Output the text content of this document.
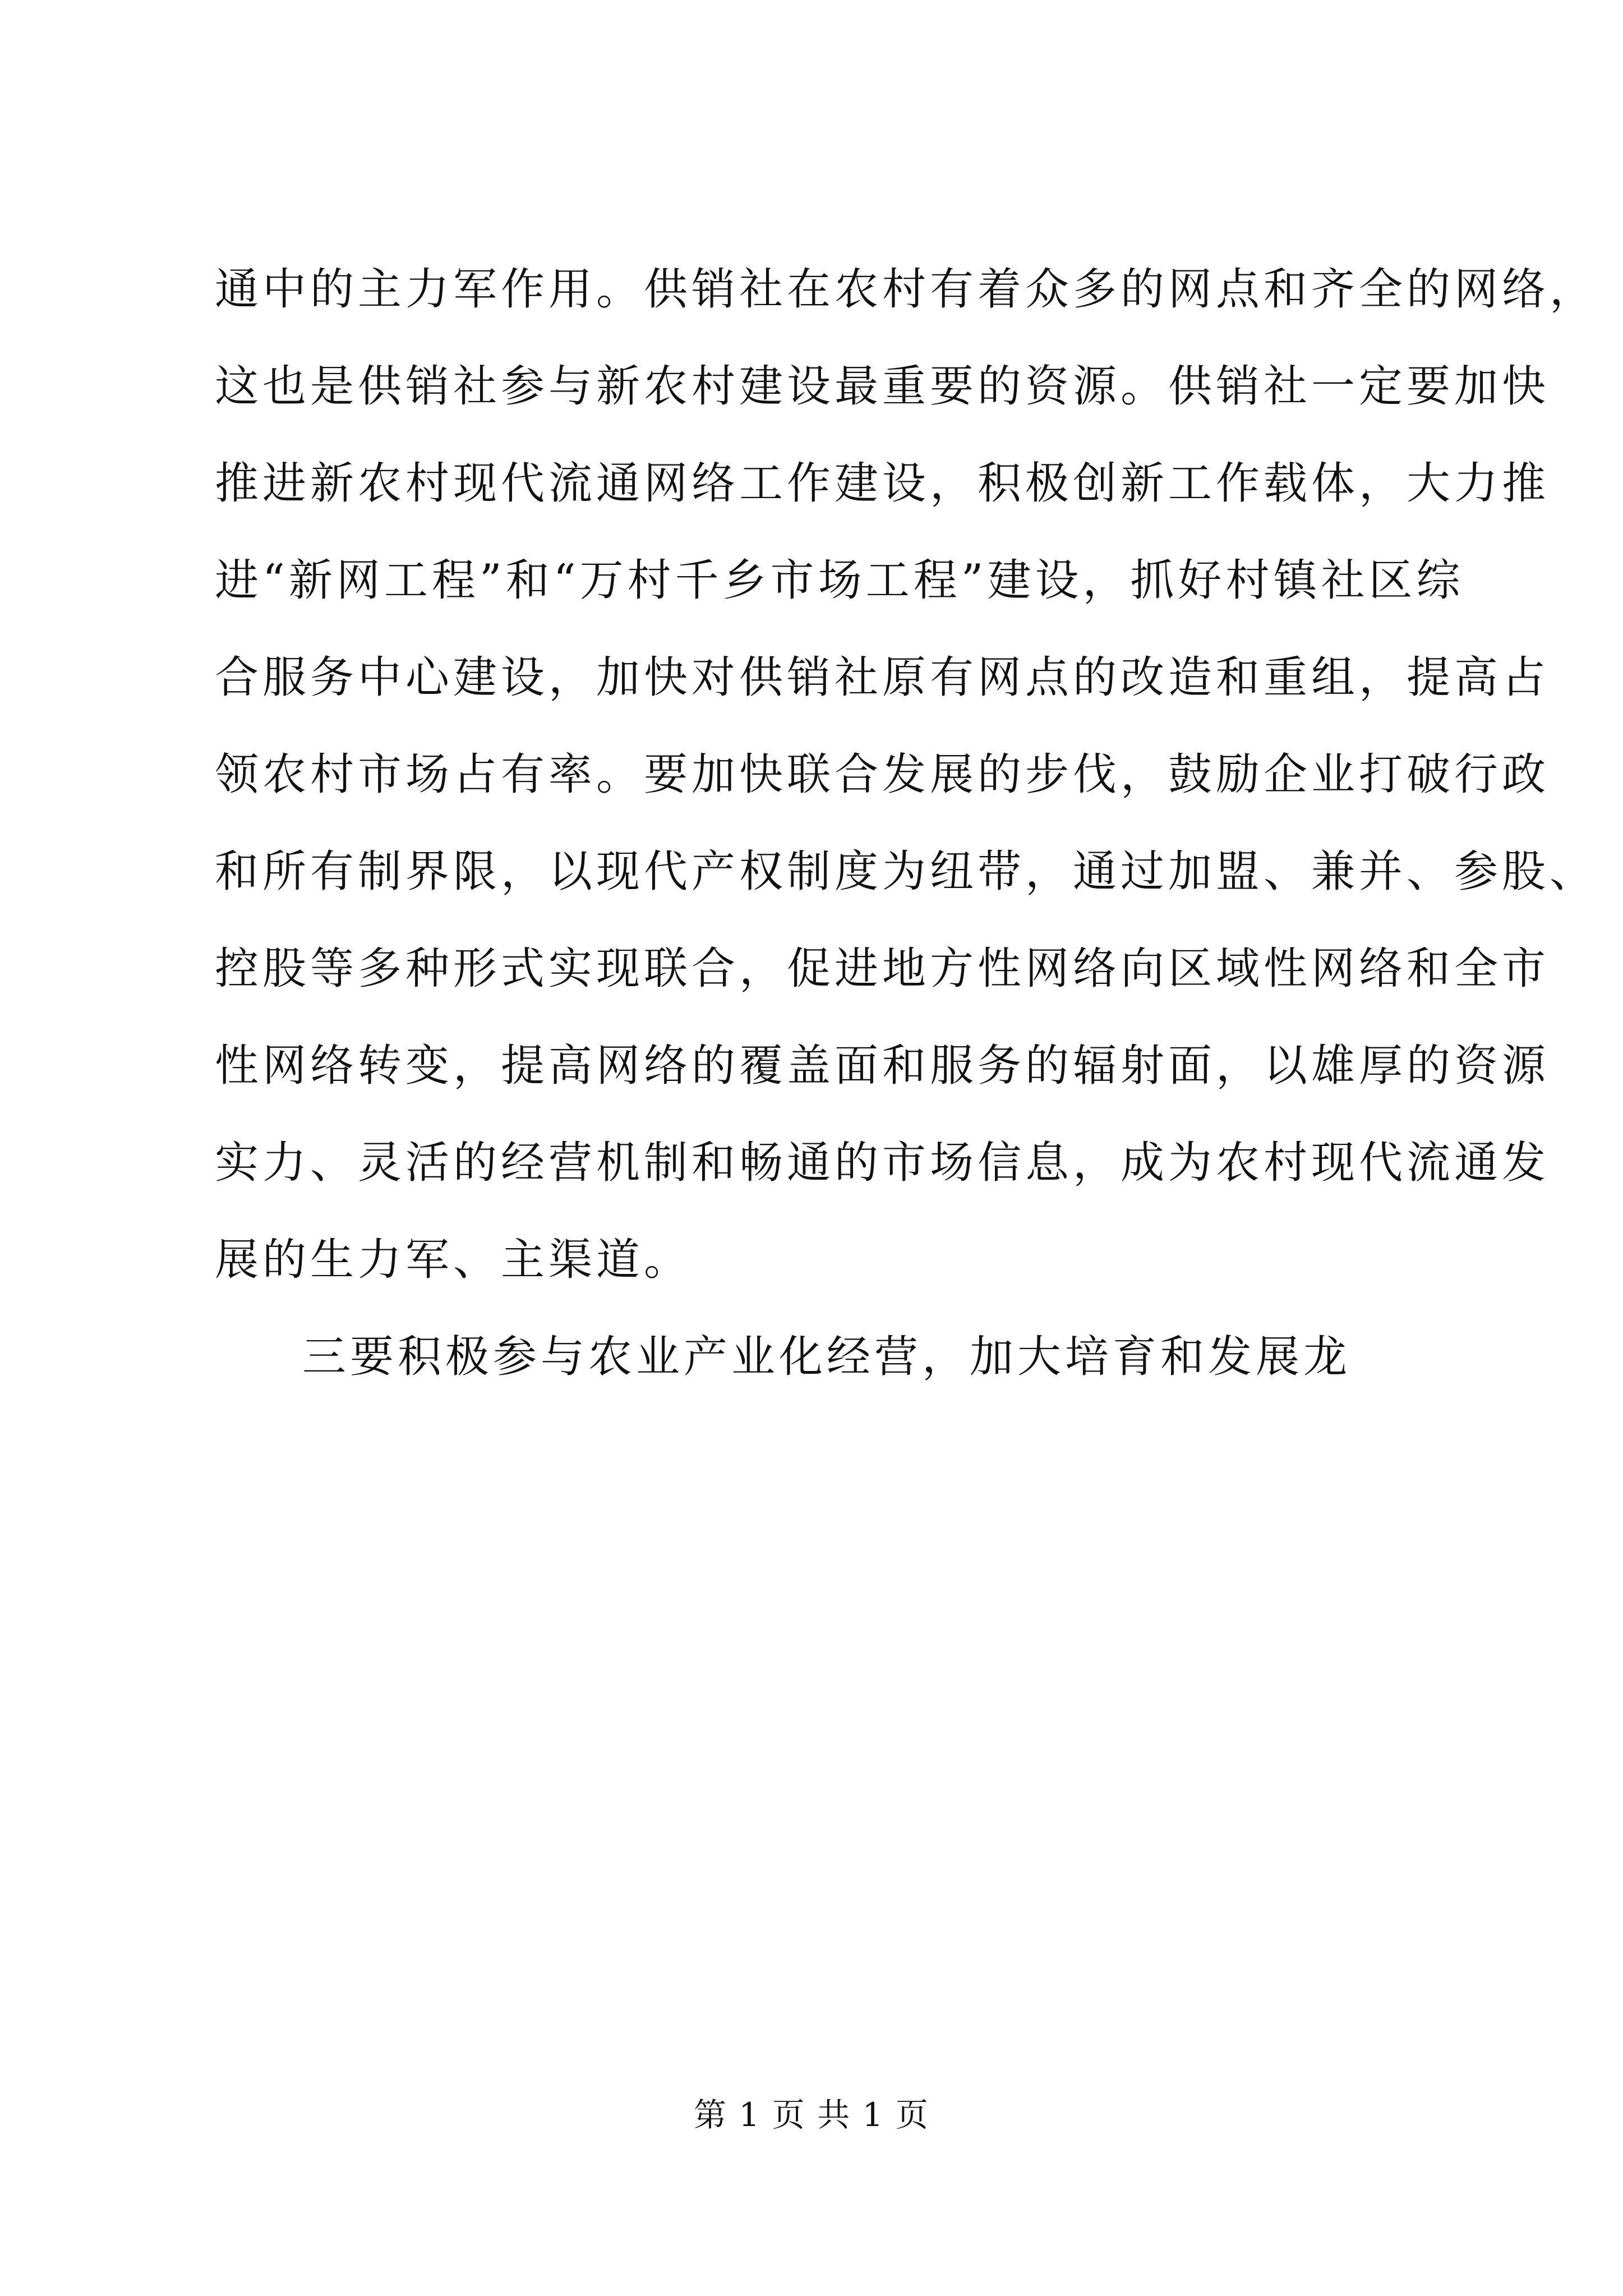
通中的主力军作用。供销社在农村有着众多的网点和齐全的网络，
这也是供销社参与新农村建设最重要的资源。供销社一定要加快
推进新农村现代流通网络工作建设，积极创新工作载体，大力推
进“新网工程”和“万村千乡市场工程”建设，抓好村镇社区综
合服务中心建设，加快对供销社原有网点的改造和重组，提高占
领农村市场占有率。要加快联合发展的步伐，鼓励企业打破行政
和所有制界限，以现代产权制度为纽带，通过加盟、兼并、参股、
控股等多种形式实现联合，促进地方性网络向区域性网络和全市
性网络转变，提高网络的覆盖面和服务的辐射面，以雄厚的资源
实力、灵活的经营机制和畅通的市场信息，成为农村现代流通发
展的生力军、主渠道。
三要积极参与农业产业化经营，加大培育和发展龙
第 1 页 共 1 页
